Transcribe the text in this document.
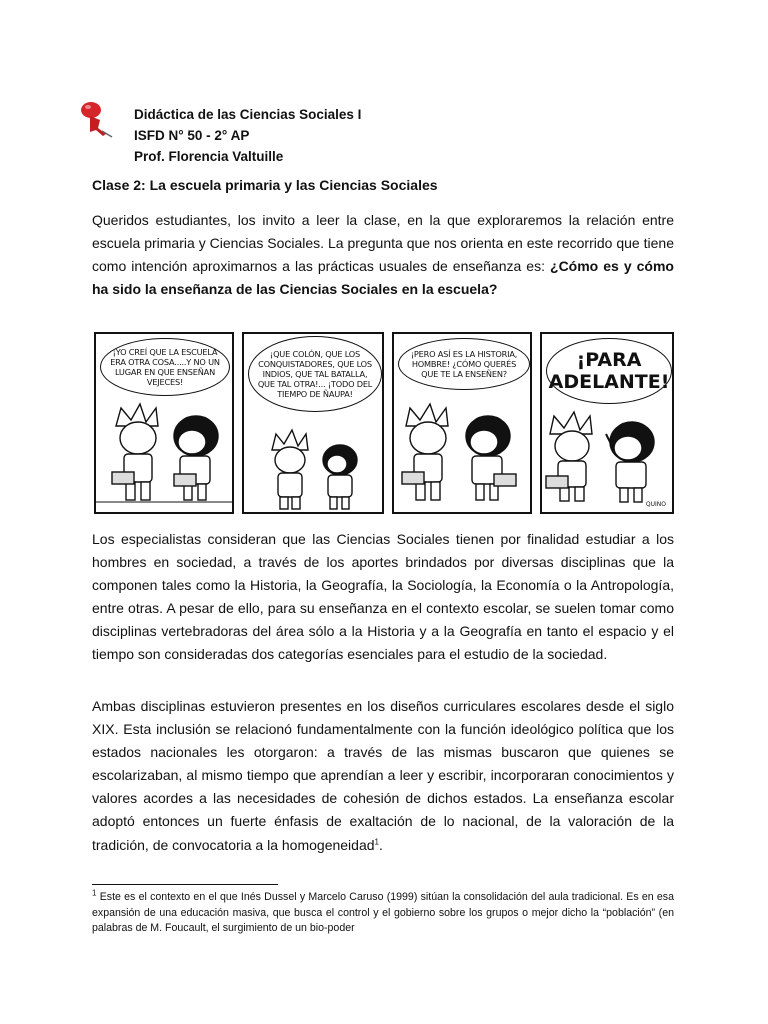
Didáctica de las Ciencias Sociales I
ISFD N° 50 - 2° AP
Prof. Florencia Valtuille
Clase 2: La escuela primaria y las Ciencias Sociales
Queridos estudiantes, los invito a leer la clase, en la que exploraremos la relación entre escuela primaria y Ciencias Sociales. La pregunta que nos orienta en este recorrido que tiene como intención aproximarnos a las prácticas usuales de enseñanza es: ¿Cómo es y cómo ha sido la enseñanza de las Ciencias Sociales en la escuela?
¡YO CREÍ QUE LA ESCUELA ERA OTRA COSA.....Y NO UN LUGAR EN QUE ENSEÑAN VEJECES!
¡QUE COLÓN, QUE LOS CONQUISTADORES, QUE LOS INDIOS, QUE TAL BATALLA, QUE TAL OTRA!... ¡TODO DEL TIEMPO DE ÑAUPA!
¡PERO ASÍ ES LA HISTORIA, HOMBRE! ¿CÓMO QUERÉS QUE TE LA ENSEÑEN?
¡PARA ADELANTE!
QUINO
Los especialistas consideran que las Ciencias Sociales tienen por finalidad estudiar a los hombres en sociedad, a través de los aportes brindados por diversas disciplinas que la componen tales como la Historia, la Geografía, la Sociología, la Economía o la Antropología, entre otras. A pesar de ello, para su enseñanza en el contexto escolar, se suelen tomar como disciplinas vertebradoras del área sólo a la Historia y a la Geografía en tanto el espacio y el tiempo son consideradas dos categorías esenciales para el estudio de la sociedad.
Ambas disciplinas estuvieron presentes en los diseños curriculares escolares desde el siglo XIX. Esta inclusión se relacionó fundamentalmente con la función ideológico política que los estados nacionales les otorgaron: a través de las mismas buscaron que quienes se escolarizaban, al mismo tiempo que aprendían a leer y escribir, incorporaran conocimientos y valores acordes a las necesidades de cohesión de dichos estados. La enseñanza escolar adoptó entonces un fuerte énfasis de exaltación de lo nacional, de la valoración de la tradición, de convocatoria a la homogeneidad$^1$.
$^1$ Este es el contexto en el que Inés Dussel y Marcelo Caruso (1999) sitúan la consolidación del aula tradicional. Es en esa expansión de una educación masiva, que busca el control y el gobierno sobre los grupos o mejor dicho la “población” (en palabras de M. Foucault, el surgimiento de un bio-poder
